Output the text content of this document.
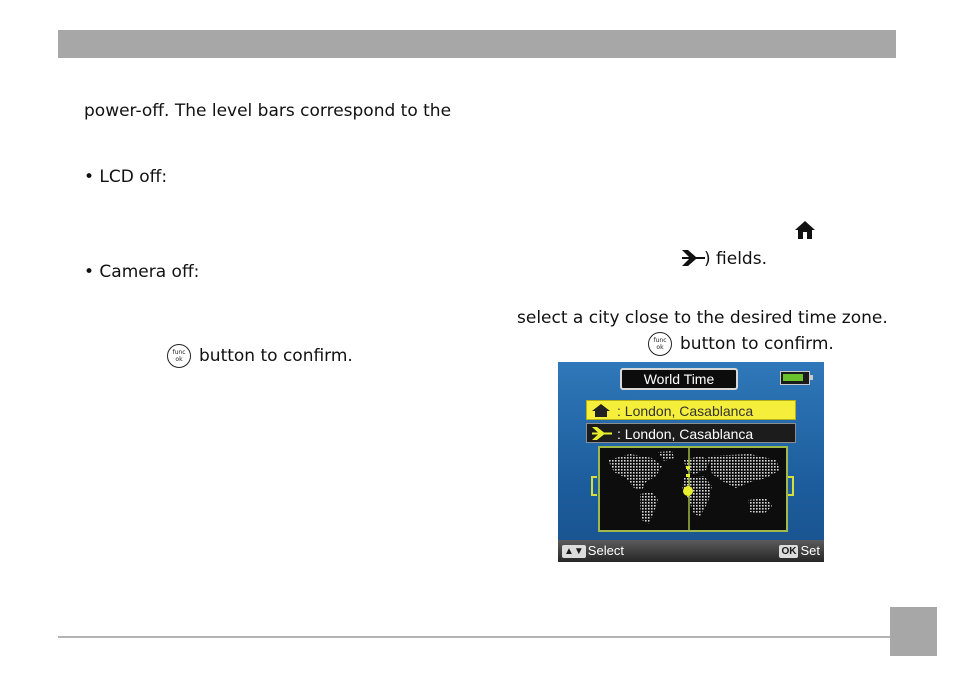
power-off. The level bars correspond to the
• LCD off:
• Camera off:
func
ok button to confirm.
) fields.
select a city close to the desired time zone.
func
ok button to confirm.
World Time
: London, Casablanca
: London, Casablanca
▲▼ Select	OK Set
